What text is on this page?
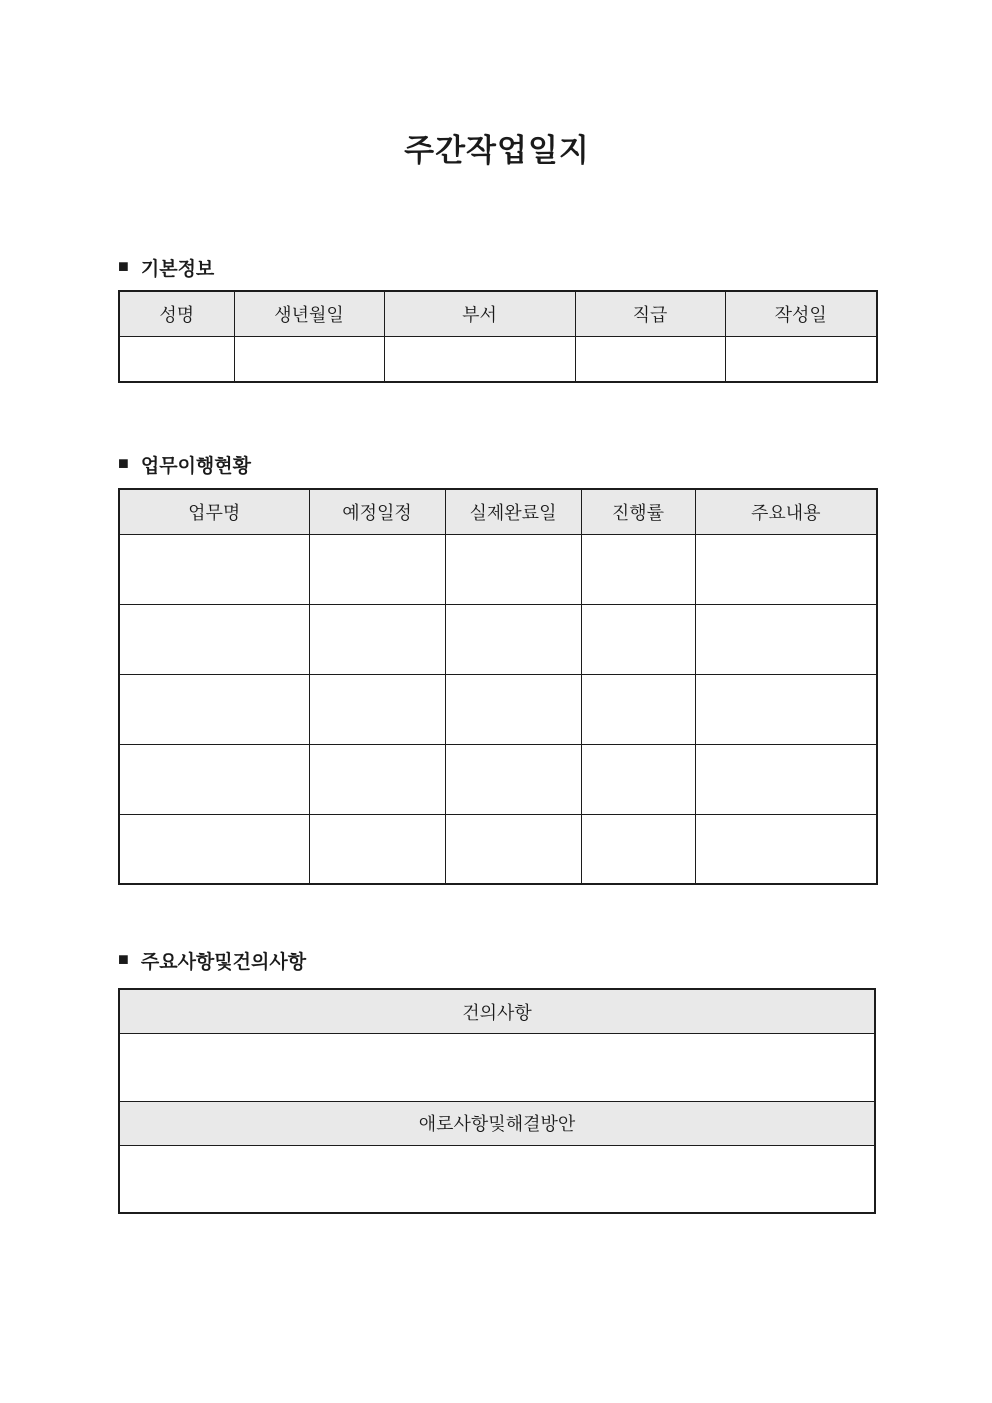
주간작업일지
■ 기본정보
성명	생년월일	부서	직급	작성일

■ 업무이행현황
업무명	예정일정	실제완료일	진행률	주요내용

■ 주요사항및건의사항
건의사항

애로사항및해결방안
